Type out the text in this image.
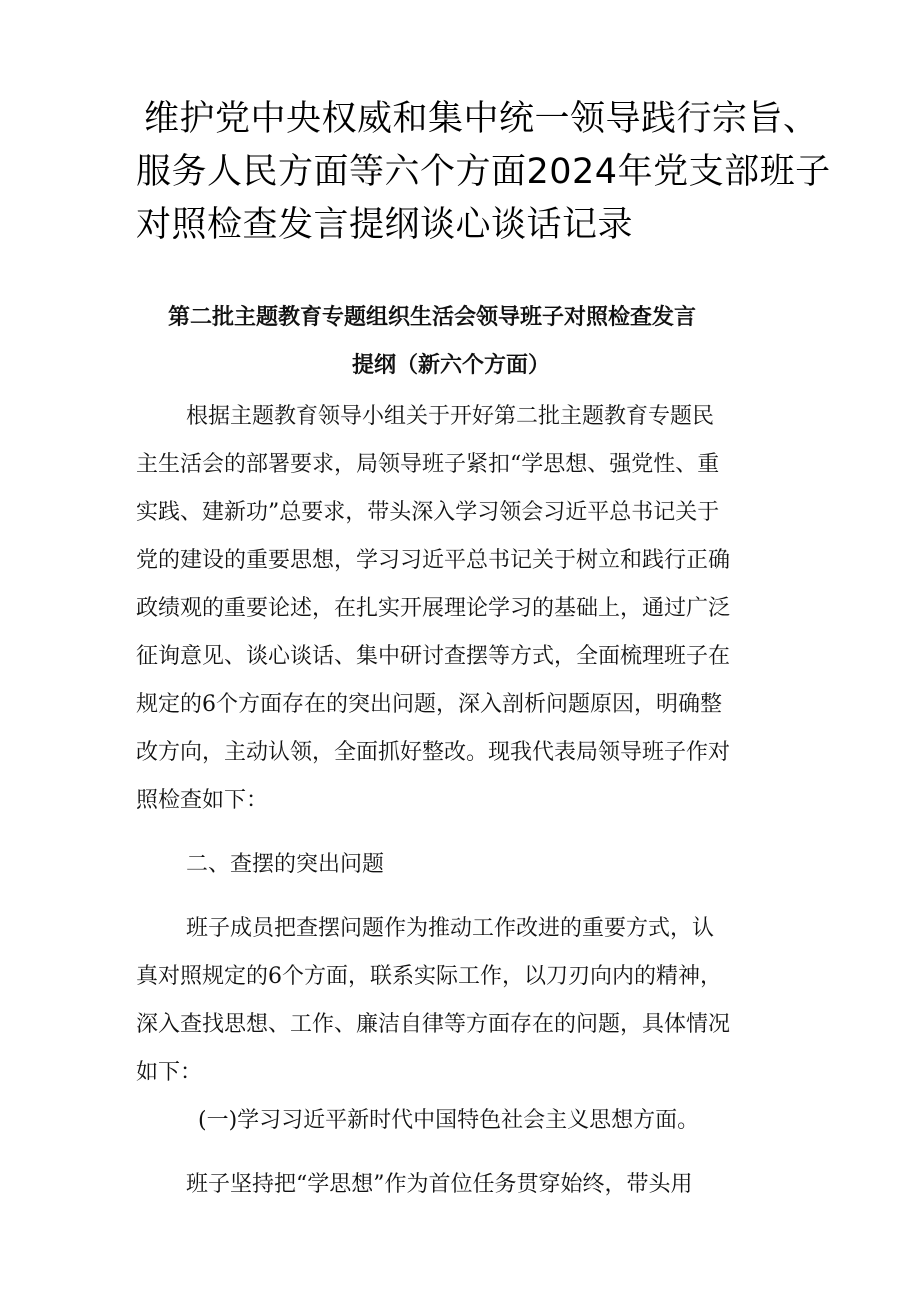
维护党中央权威和集中统一领导践行宗旨、
服务人民方面等六个方面2024年党支部班子
对照检查发言提纲谈心谈话记录
第二批主题教育专题组织生活会领导班子对照检查发言
提纲（新六个方面）
根据主题教育领导小组关于开好第二批主题教育专题民
主生活会的部署要求，局领导班子紧扣“学思想、强党性、重
实践、建新功”总要求，带头深入学习领会习近平总书记关于
党的建设的重要思想，学习习近平总书记关于树立和践行正确
政绩观的重要论述，在扎实开展理论学习的基础上，通过广泛
征询意见、谈心谈话、集中研讨查摆等方式，全面梳理班子在
规定的6个方面存在的突出问题，深入剖析问题原因，明确整
改方向，主动认领，全面抓好整改。现我代表局领导班子作对
照检查如下：
二、查摆的突出问题
班子成员把查摆问题作为推动工作改进的重要方式，认
真对照规定的6个方面，联系实际工作，以刀刃向内的精神，
深入查找思想、工作、廉洁自律等方面存在的问题，具体情况
如下：
(一)学习习近平新时代中国特色社会主义思想方面。
班子坚持把“学思想”作为首位任务贯穿始终，带头用
